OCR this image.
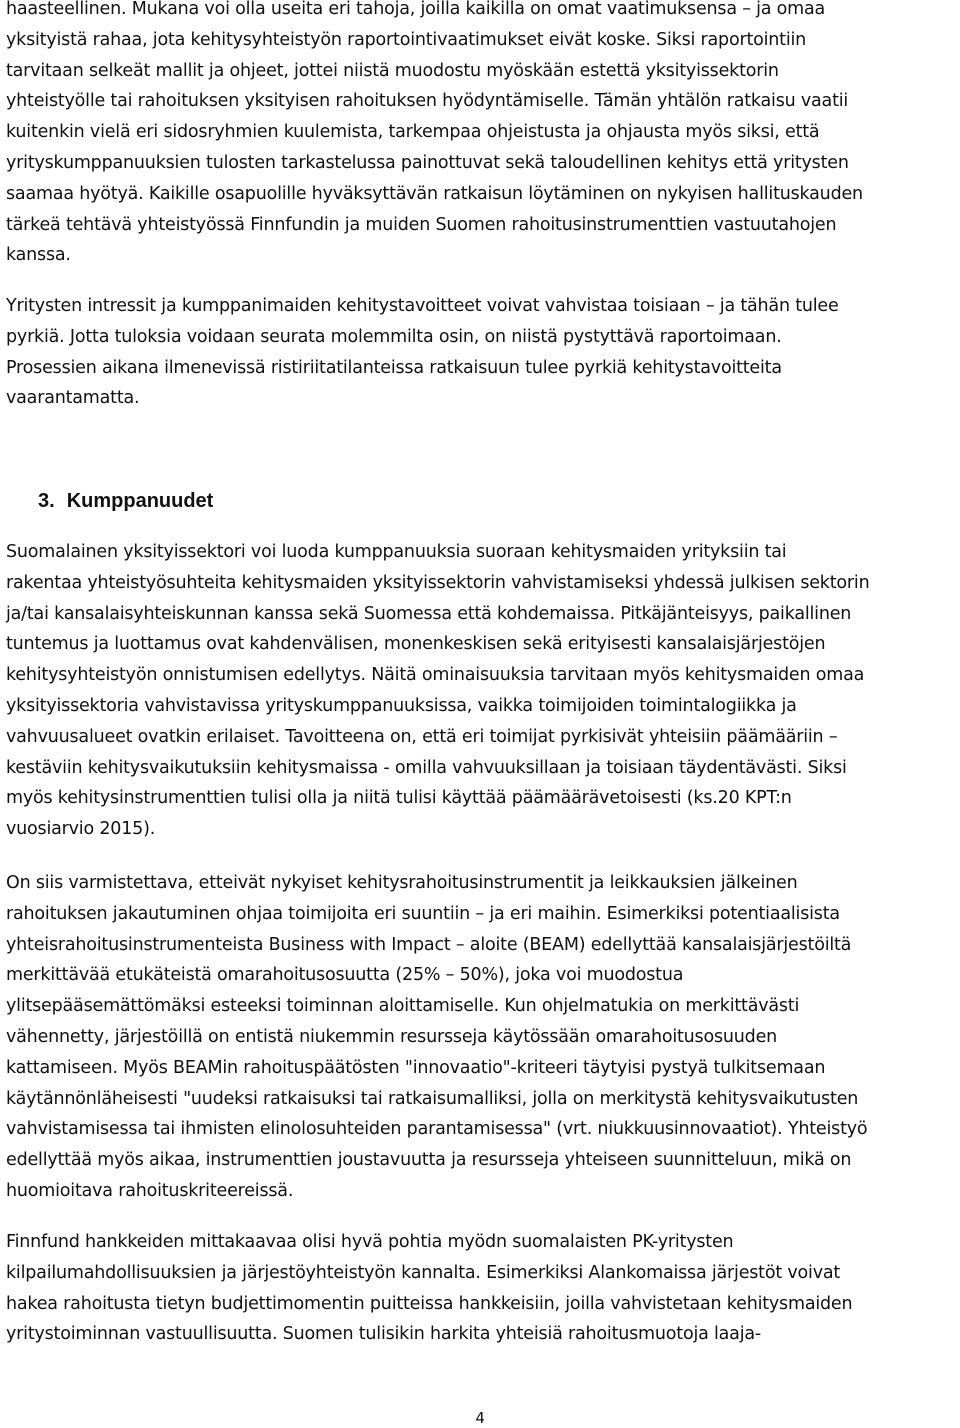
haasteellinen. Mukana voi olla useita eri tahoja, joilla kaikilla on omat vaatimuksensa – ja omaa
yksityistä rahaa, jota kehitysyhteistyön raportointivaatimukset eivät koske. Siksi raportointiin
tarvitaan selkeät mallit ja ohjeet, jottei niistä muodostu myöskään estettä yksityissektorin
yhteistyölle tai rahoituksen yksityisen rahoituksen hyödyntämiselle. Tämän yhtälön ratkaisu vaatii
kuitenkin vielä eri sidosryhmien kuulemista, tarkempaa ohjeistusta ja ohjausta myös siksi, että
yrityskumppanuuksien tulosten tarkastelussa painottuvat sekä taloudellinen kehitys että yritysten
saamaa hyötyä. Kaikille osapuolille hyväksyttävän ratkaisun löytäminen on nykyisen hallituskauden
tärkeä tehtävä yhteistyössä Finnfundin ja muiden Suomen rahoitusinstrumenttien vastuutahojen
kanssa.

Yritysten intressit ja kumppanimaiden kehitystavoitteet voivat vahvistaa toisiaan – ja tähän tulee
pyrkiä. Jotta tuloksia voidaan seurata molemmilta osin, on niistä pystyttävä raportoimaan.
Prosessien aikana ilmenevissä ristiriitatilanteissa ratkaisuun tulee pyrkiä kehitystavoitteita
vaarantamatta.

3. Kumppanuudet

Suomalainen yksityissektori voi luoda kumppanuuksia suoraan kehitysmaiden yrityksiin tai
rakentaa yhteistyösuhteita kehitysmaiden yksityissektorin vahvistamiseksi yhdessä julkisen sektorin
ja/tai kansalaisyhteiskunnan kanssa sekä Suomessa että kohdemaissa. Pitkäjänteisyys, paikallinen
tuntemus ja luottamus ovat kahdenvälisen, monenkeskisen sekä erityisesti kansalaisjärjestöjen
kehitysyhteistyön onnistumisen edellytys. Näitä ominaisuuksia tarvitaan myös kehitysmaiden omaa
yksityissektoria vahvistavissa yrityskumppanuuksissa, vaikka toimijoiden toimintalogiikka ja
vahvuusalueet ovatkin erilaiset. Tavoitteena on, että eri toimijat pyrkisivät yhteisiin päämääriin –
kestäviin kehitysvaikutuksiin kehitysmaissa - omilla vahvuuksillaan ja toisiaan täydentävästi. Siksi
myös kehitysinstrumenttien tulisi olla ja niitä tulisi käyttää päämäärävetoisesti (ks.20 KPT:n
vuosiarvio 2015).

On siis varmistettava, etteivät nykyiset kehitysrahoitusinstrumentit ja leikkauksien jälkeinen
rahoituksen jakautuminen ohjaa toimijoita eri suuntiin – ja eri maihin. Esimerkiksi potentiaalisista
yhteisrahoitusinstrumenteista Business with Impact – aloite (BEAM) edellyttää kansalaisjärjestöiltä
merkittävää etukäteistä omarahoitusosuutta (25% – 50%), joka voi muodostua
ylitsepääsemättömäksi esteeksi toiminnan aloittamiselle. Kun ohjelmatukia on merkittävästi
vähennetty, järjestöillä on entistä niukemmin resursseja käytössään omarahoitusosuuden
kattamiseen. Myös BEAMin rahoituspäätösten "innovaatio"-kriteeri täytyisi pystyä tulkitsemaan
käytännönläheisesti "uudeksi ratkaisuksi tai ratkaisumalliksi, jolla on merkitystä kehitysvaikutusten
vahvistamisessa tai ihmisten elinolosuhteiden parantamisessa" (vrt. niukkuusinnovaatiot). Yhteistyö
edellyttää myös aikaa, instrumenttien joustavuutta ja resursseja yhteiseen suunnitteluun, mikä on
huomioitava rahoituskriteereissä.

Finnfund hankkeiden mittakaavaa olisi hyvä pohtia myödn suomalaisten PK-yritysten
kilpailumahdollisuuksien ja järjestöyhteistyön kannalta. Esimerkiksi Alankomaissa järjestöt voivat
hakea rahoitusta tietyn budjettimomentin puitteissa hankkeisiin, joilla vahvistetaan kehitysmaiden
yritystoiminnan vastuullisuutta. Suomen tulisikin harkita yhteisiä rahoitusmuotoja laaja-

4
